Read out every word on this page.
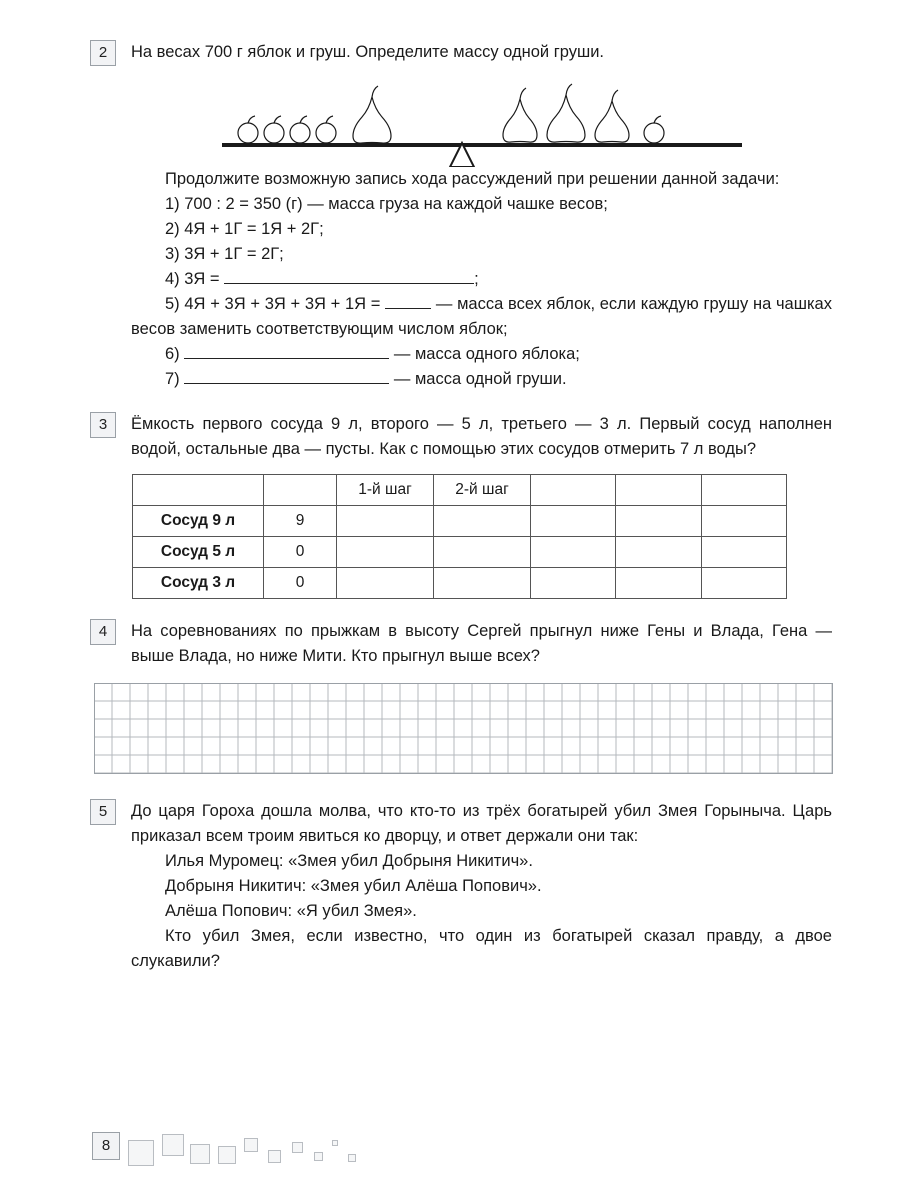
2	На весах 700 г яблок и груш. Определите массу одной груши.
Продолжите возможную запись хода рассуждений при решении данной задачи:
1) 700 : 2 = 350 (г) — масса груза на каждой чашке весов;
2) 4Я + 1Г = 1Я + 2Г;
3) 3Я + 1Г = 2Г;
4) 3Я =	;
5) 4Я + 3Я + 3Я + 3Я + 1Я =	— масса всех яблок, если каждую грушу на чашках весов заменить соответствующим числом яблок;
6)	— масса одного яблока;
7)	— масса одной груши.
3	Ёмкость первого сосуда 9 л, второго — 5 л, третьего — 3 л. Первый сосуд наполнен водой, остальные два — пусты. Как с помощью этих сосудов отмерить 7 л воды?
		1-й шаг	2-й шаг			
Сосуд 9 л	9					
Сосуд 5 л	0					
Сосуд 3 л	0					
4	На соревнованиях по прыжкам в высоту Сергей прыгнул ниже Гены и Влада, Гена — выше Влада, но ниже Мити. Кто прыгнул выше всех?
5	До царя Гороха дошла молва, что кто-то из трёх богатырей убил Змея Горыныча. Царь приказал всем троим явиться ко дворцу, и ответ держали они так:
Илья Муромец: «Змея убил Добрыня Никитич».
Добрыня Никитич: «Змея убил Алёша Попович».
Алёша Попович: «Я убил Змея».
Кто убил Змея, если известно, что один из богатырей сказал правду, а двое слукавили?
8
